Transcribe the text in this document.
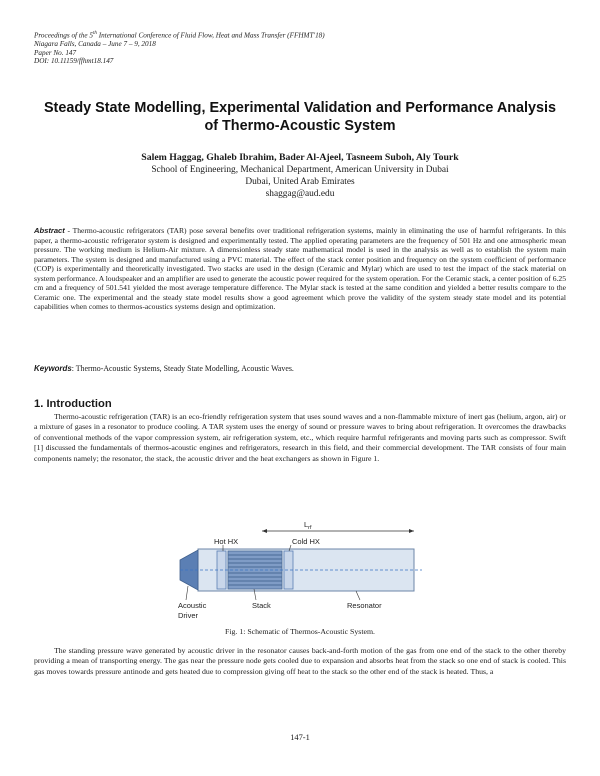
Proceedings of the 5th International Conference of Fluid Flow, Heat and Mass Transfer (FFHMT'18)
Niagara Falls, Canada – June 7 – 9, 2018
Paper No. 147
DOI: 10.11159/ffhmt18.147
Steady State Modelling, Experimental Validation and Performance Analysis of Thermo-Acoustic System
Salem Haggag, Ghaleb Ibrahim, Bader Al-Ajeel, Tasneem Suboh, Aly Tourk
School of Engineering, Mechanical Department, American University in Dubai
Dubai, United Arab Emirates
shaggag@aud.edu
Abstract - Thermo-acoustic refrigerators (TAR) pose several benefits over traditional refrigeration systems, mainly in eliminating the use of harmful refrigerants. In this paper, a thermo-acoustic refrigerator system is designed and experimentally tested. The applied operating parameters are the frequency of 501 Hz and one atmospheric mean pressure. The working medium is Helium-Air mixture. A dimensionless steady state mathematical model is used in the analysis as well as to establish the system main parameters. The system is designed and manufactured using a PVC material. The effect of the stack center position and frequency on the system coefficient of performance (COP) is experimentally and theoretically investigated. Two stacks are used in the design (Ceramic and Mylar) which are used to test the impact of the stack material on system performance. A loudspeaker and an amplifier are used to generate the acoustic power required for the system operation. For the Ceramic stack, a center position of 6.25 cm and a frequency of 501.541 yielded the most average temperature difference. The Mylar stack is tested at the same condition and yielded a better results compare to the Ceramic one. The experimental and the steady state model results show a good agreement which prove the validity of the system steady state model and its potential capabilities when comes to thermos-acoustics systems design and optimization.
Keywords: Thermo-Acoustic Systems, Steady State Modelling, Acoustic Waves.
1. Introduction
Thermo-acoustic refrigeration (TAR) is an eco-friendly refrigeration system that uses sound waves and a non-flammable mixture of inert gas (helium, argon, air) or a mixture of gases in a resonator to produce cooling. A TAR system uses the energy of sound or pressure waves to bring about refrigeration. It overcomes the drawbacks of conventional methods of the vapor compression system, air refrigeration system, etc., which require harmful refrigerants and moving parts such as compressor. Swift [1] discussed the fundamentals of thermos-acoustic engines and refrigerators, research in this field, and their commercial development. The TAR consists of four main components namely; the resonator, the stack, the acoustic driver and the heat exchangers as shown in Figure 1.
$L_{rf}$
Hot HX	Cold HX
Acoustic
Driver
Stack	Resonator
Fig. 1: Schematic of Thermos-Acoustic System.
The standing pressure wave generated by acoustic driver in the resonator causes back-and-forth motion of the gas from one end of the stack to the other thereby providing a mean of transporting energy. The gas near the pressure node gets cooled due to expansion and absorbs heat from the stack so one end of stack is cooled. This gas moves towards pressure antinode and gets heated due to compression giving off heat to the stack so the other end of the stack is heated. Thus, a
147-1
